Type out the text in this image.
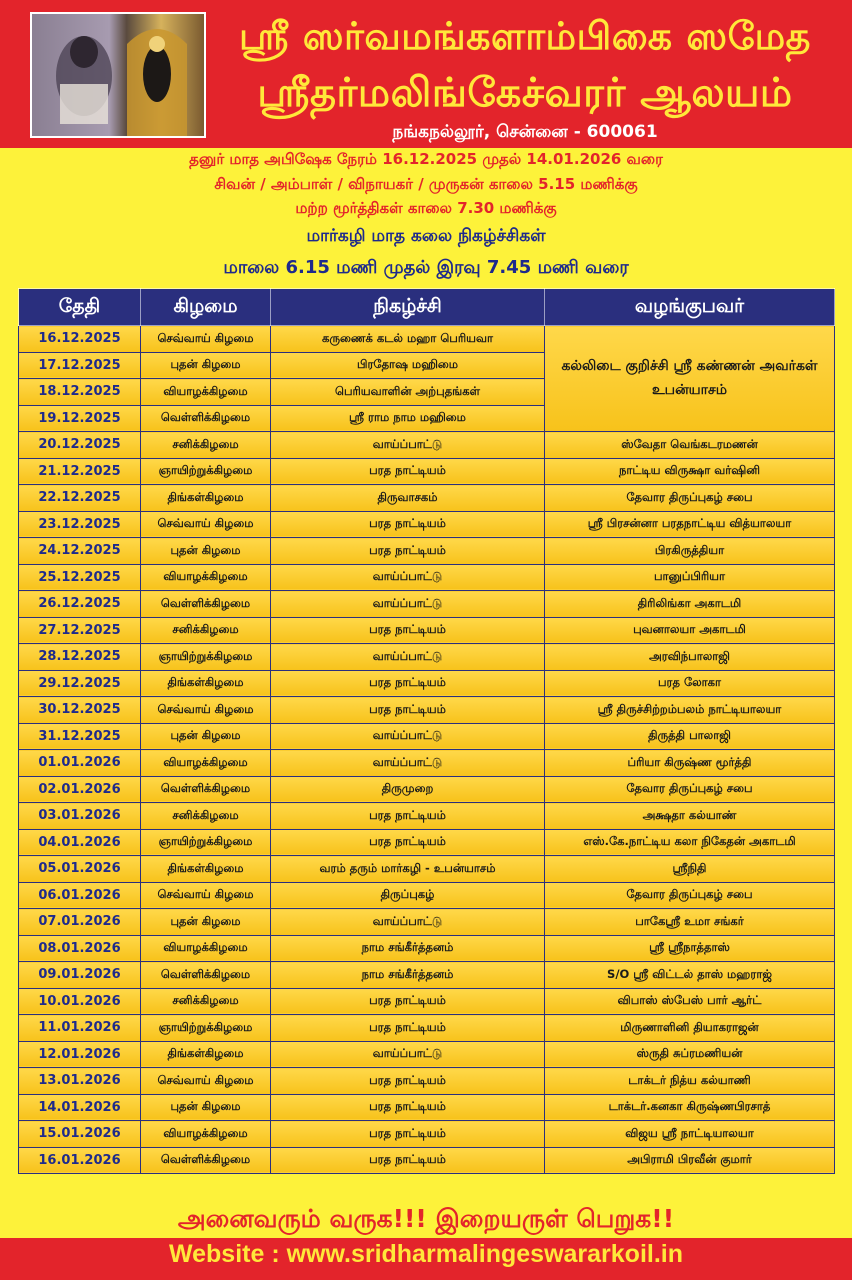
ஸ்ரீ ஸர்வமங்களாம்பிகை ஸமேத
ஸ்ரீதர்மலிங்கேச்வரர் ஆலயம்
நங்கநல்லூர், சென்னை - 600061
தனுர் மாத அபிஷேக நேரம் 16.12.2025 முதல் 14.01.2026 வரை
சிவன் / அம்பாள் / விநாயகர் / முருகன் காலை 5.15 மணிக்கு
மற்ற மூர்த்திகள் காலை 7.30 மணிக்கு
மார்கழி மாத கலை நிகழ்ச்சிகள்
மாலை 6.15 மணி முதல் இரவு 7.45 மணி வரை
தேதி	கிழமை	நிகழ்ச்சி	வழங்குபவர்
16.12.2025	செவ்வாய் கிழமை	கருணைக் கடல் மஹா பெரியவா	கல்லிடை குறிச்சி ஸ்ரீ கண்ணன் அவர்கள் உபன்யாசம்
17.12.2025	புதன் கிழமை	பிரதோஷ மஹிமை	
18.12.2025	வியாழக்கிழமை	பெரியவாளின் அற்புதங்கள்	
19.12.2025	வெள்ளிக்கிழமை	ஸ்ரீ ராம நாம மஹிமை	
20.12.2025	சனிக்கிழமை	வாய்ப்பாட்டு	ஸ்வேதா வெங்கடரமணன்
21.12.2025	ஞாயிற்றுக்கிழமை	பரத நாட்டியம்	நாட்டிய விருக்ஷா வர்ஷினி
22.12.2025	திங்கள்கிழமை	திருவாசகம்	தேவார திருப்புகழ் சபை
23.12.2025	செவ்வாய் கிழமை	பரத நாட்டியம்	ஸ்ரீ பிரசன்னா பரதநாட்டிய வித்யாலயா
24.12.2025	புதன் கிழமை	பரத நாட்டியம்	பிரகிருத்தியா
25.12.2025	வியாழக்கிழமை	வாய்ப்பாட்டு	பானுப்பிரியா
26.12.2025	வெள்ளிக்கிழமை	வாய்ப்பாட்டு	திரிலிங்கா அகாடமி
27.12.2025	சனிக்கிழமை	பரத நாட்டியம்	புவனாலயா அகாடமி
28.12.2025	ஞாயிற்றுக்கிழமை	வாய்ப்பாட்டு	அரவிந்பாலாஜி
29.12.2025	திங்கள்கிழமை	பரத நாட்டியம்	பரத லோகா
30.12.2025	செவ்வாய் கிழமை	பரத நாட்டியம்	ஸ்ரீ திருச்சிற்றம்பலம் நாட்டியாலயா
31.12.2025	புதன் கிழமை	வாய்ப்பாட்டு	திருத்தி பாலாஜி
01.01.2026	வியாழக்கிழமை	வாய்ப்பாட்டு	ப்ரியா கிருஷ்ண மூர்த்தி
02.01.2026	வெள்ளிக்கிழமை	திருமுறை	தேவார திருப்புகழ் சபை
03.01.2026	சனிக்கிழமை	பரத நாட்டியம்	அக்ஷதா கல்யாண்
04.01.2026	ஞாயிற்றுக்கிழமை	பரத நாட்டியம்	எஸ்.கே.நாட்டிய கலா நிகேதன் அகாடமி
05.01.2026	திங்கள்கிழமை	வரம் தரும் மார்கழி - உபன்யாசம்	ஸ்ரீநிதி
06.01.2026	செவ்வாய் கிழமை	திருப்புகழ்	தேவார திருப்புகழ் சபை
07.01.2026	புதன் கிழமை	வாய்ப்பாட்டு	பாகேஸ்ரீ உமா சங்கர்
08.01.2026	வியாழக்கிழமை	நாம சங்கீர்த்தனம்	ஸ்ரீ ஸ்ரீநாத்தாஸ்
09.01.2026	வெள்ளிக்கிழமை	நாம சங்கீர்த்தனம்	S/O ஸ்ரீ விட்டல் தாஸ் மஹராஜ்
10.01.2026	சனிக்கிழமை	பரத நாட்டியம்	விபாஸ் ஸ்பேஸ் பார் ஆர்ட்
11.01.2026	ஞாயிற்றுக்கிழமை	பரத நாட்டியம்	மிருணாளினி தியாகராஜன்
12.01.2026	திங்கள்கிழமை	வாய்ப்பாட்டு	ஸ்ருதி சுப்ரமணியன்
13.01.2026	செவ்வாய் கிழமை	பரத நாட்டியம்	டாக்டர் நித்ய கல்யாணி
14.01.2026	புதன் கிழமை	பரத நாட்டியம்	டாக்டர்.கனகா கிருஷ்ணபிரசாத்
15.01.2026	வியாழக்கிழமை	பரத நாட்டியம்	விஜய ஸ்ரீ நாட்டியாலயா
16.01.2026	வெள்ளிக்கிழமை	பரத நாட்டியம்	அபிராமி பிரவீன் குமார்
அனைவரும் வருக!!! இறையருள் பெறுக!!
Website : www.sridharmalingeswararkoil.in
